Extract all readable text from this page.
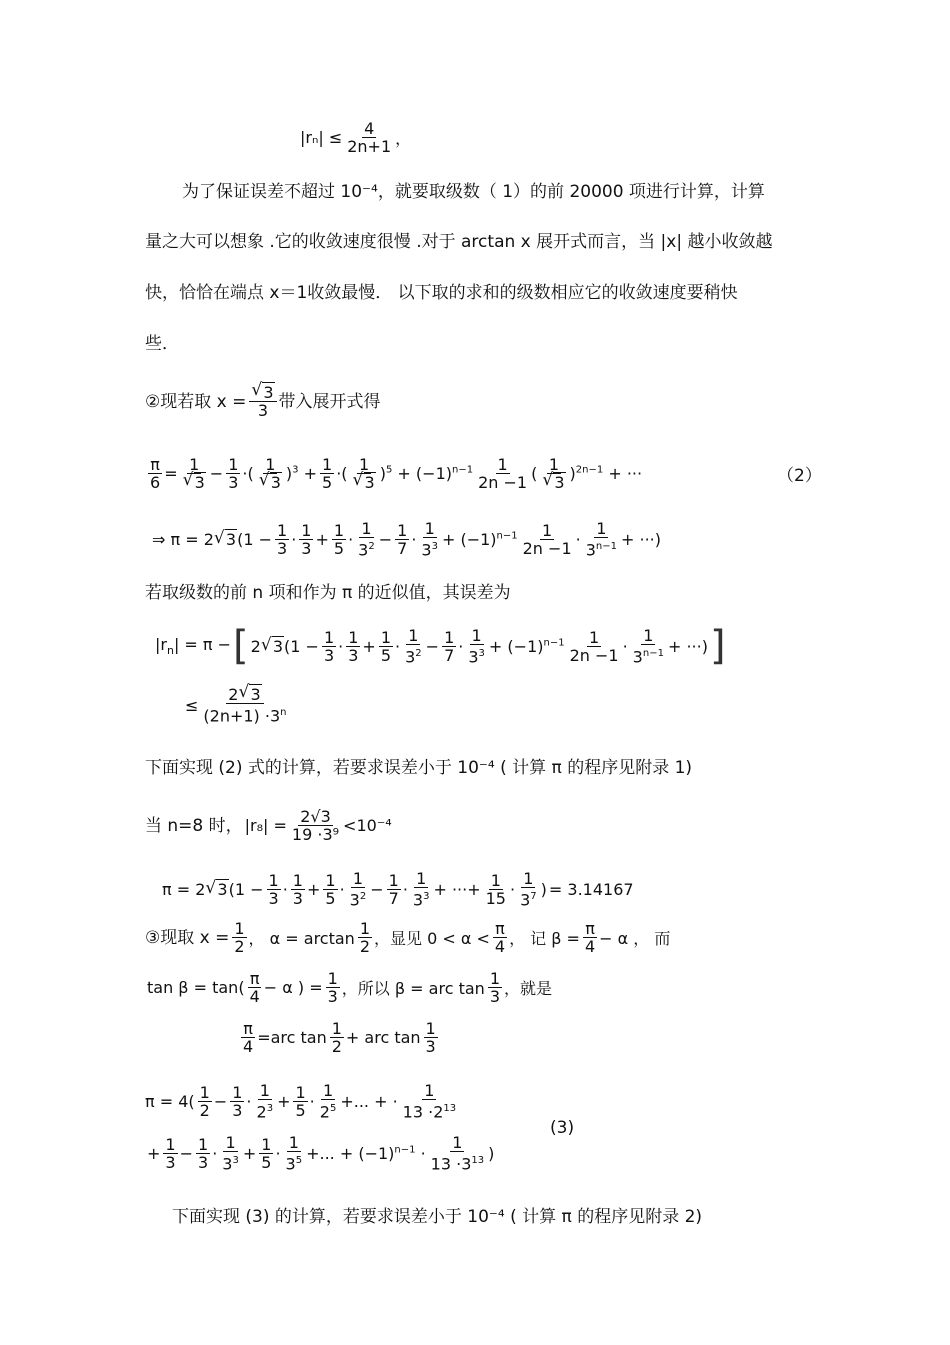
$|r_n| \le \frac{4}{2n+1}$ ，
为了保证误差不超过 10⁻⁴，就要取级数（ 1）的前 20000 项进行计算，计算
量之大可以想象 .它的收敛速度很慢 .对于 arctan x 展开式而言，当 |x| 越小收敛越
快，恰恰在端点 x＝1收敛最慢． 以下取的求和的级数相应它的收敛速度要稍快
些．
②现若取 x = √ $\frac{3}{3}$ 带入展开式得
$\frac{\pi}{6} = 1$
√ $3 - \frac{1}{3}$ ·( 1
√ 3 )$^3 + \frac{1}{5}$ ·( 1
√ 3 )$^5 + (-1)^{n-1} \frac{1}{2n -1}$ ( 1
√ 3 )$^{2n-1}$ + ···	（2）
⇒ π = 2 √ $3(1 - \frac{1}{3} \cdot \frac{1}{3} + \frac{1}{5} \cdot \frac{1}{3^2} - \frac{1}{7} \cdot \frac{1}{3^3} + (-1)^{n-1} \frac{1}{2n -1} \cdot \frac{1}{3^{n-1}}$ + ···)
若取级数的前 n 项和作为 π 的近似值，其误差为
$|r_n| = \pi$ − [ 2 √ $3(1 - \frac{1}{3} \cdot \frac{1}{3} + \frac{1}{5} \cdot \frac{1}{3^2} - \frac{1}{7} \cdot \frac{1}{3^3} + (-1)^{n-1} \frac{1}{2n -1} \cdot \frac{1}{3^{n-1}}$ + ···) ]
≤ $\frac{2 √ 3}{(2n+1) \cdot 3^n}$
下面实现 (2) 式的计算，若要求误差小于 10⁻⁴ ( 计算 π 的程序见附录 1)
当 n=8 时， $|r_8| = \frac{2√3}{\text{19 ·3⁹}} <10^{-4}$
π = 2 √ $3(1 - \frac{1}{3} \cdot \frac{1}{3} + \frac{1}{5} \cdot \frac{1}{3^2} - \frac{1}{7} \cdot \frac{1}{3^3}$ + ···+ $\frac{1}{15} \cdot \frac{1}{3^7}$ ) = 3.14167
③现取 $x = \frac{1}{2}$ ， $\alpha = \arctan \frac{1}{2}$ ，显见 $0 < \alpha < \frac{\pi}{4}$ ， 记 $\beta = \frac{\pi}{4} - \alpha$ ， 而
$\tan \beta = \tan( \frac{\pi}{4} - \alpha$ ) = $\frac{1}{3}$ ，所以 β = arc $\tan \frac{1}{3}$ ，就是
$\frac{\pi}{4} =arc$ $\tan \frac{1}{2}$ + arc $\tan \frac{1}{3}$
$\pi = 4( \frac{1}{2} - \frac{1}{3} \cdot \frac{1}{2^3} + \frac{1}{5} \cdot \frac{1}{2^5}$ +... + · $\frac{1}{13 \cdot 2^{13}}$
(3)
+ $\frac{1}{3} - \frac{1}{3} \cdot \frac{1}{3^3} + \frac{1}{5} \cdot \frac{1}{3^5}$ +... + $(-1)^{n-1} \cdot \frac{1}{13 \cdot 3^{13}}$ )
下面实现 (3) 的计算，若要求误差小于 10⁻⁴ ( 计算 π 的程序见附录 2)
